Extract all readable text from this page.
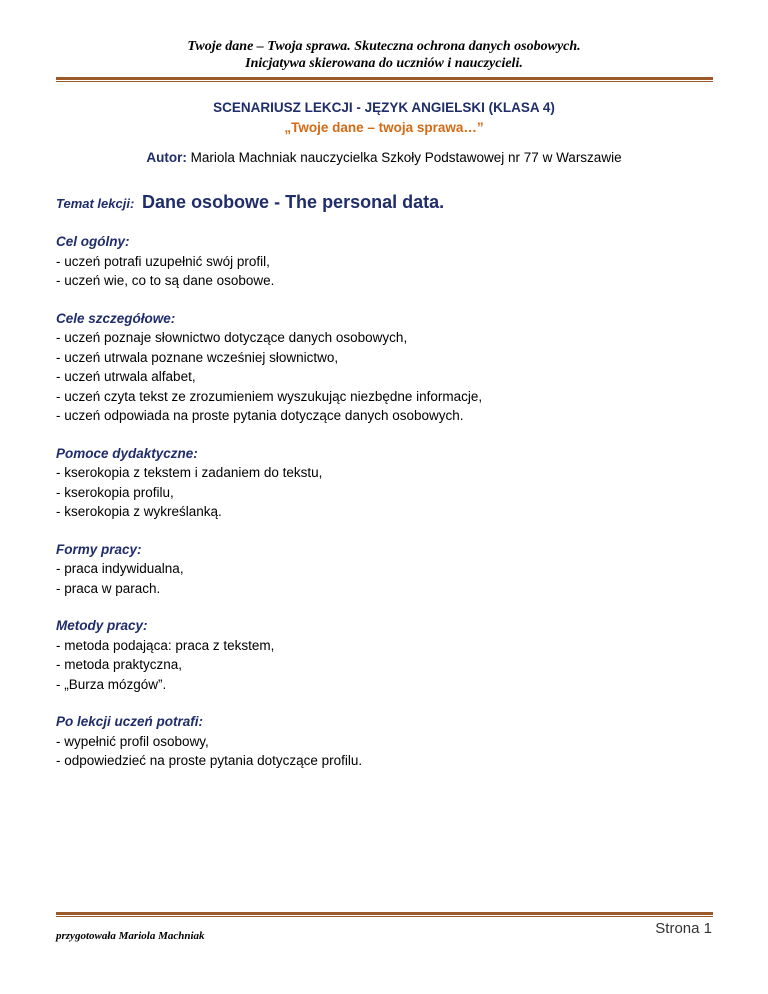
Twoje dane – Twoja sprawa. Skuteczna ochrona danych osobowych.
Inicjatywa skierowana do uczniów i nauczycieli.
SCENARIUSZ LEKCJI - JĘZYK ANGIELSKI (KLASA 4)
„Twoje dane – twoja sprawa…”
Autor: Mariola Machniak nauczycielka Szkoły Podstawowej nr 77 w Warszawie
Temat lekcji: Dane osobowe - The personal data.
Cel ogólny:
- uczeń potrafi uzupełnić swój profil,
- uczeń wie, co to są dane osobowe.
Cele szczegółowe:
- uczeń poznaje słownictwo dotyczące danych osobowych,
- uczeń utrwala poznane wcześniej słownictwo,
- uczeń utrwala alfabet,
- uczeń czyta tekst ze zrozumieniem wyszukując niezbędne informacje,
- uczeń odpowiada na proste pytania dotyczące danych osobowych.
Pomoce dydaktyczne:
- kserokopia z tekstem i zadaniem do tekstu,
- kserokopia profilu,
- kserokopia z wykreślanką.
Formy pracy:
- praca indywidualna,
- praca w parach.
Metody pracy:
- metoda podająca: praca z tekstem,
- metoda praktyczna,
- „Burza mózgów”.
Po lekcji uczeń potrafi:
- wypełnić profil osobowy,
- odpowiedzieć na proste pytania dotyczące profilu.
przygotowała Mariola Machniak	Strona 1
